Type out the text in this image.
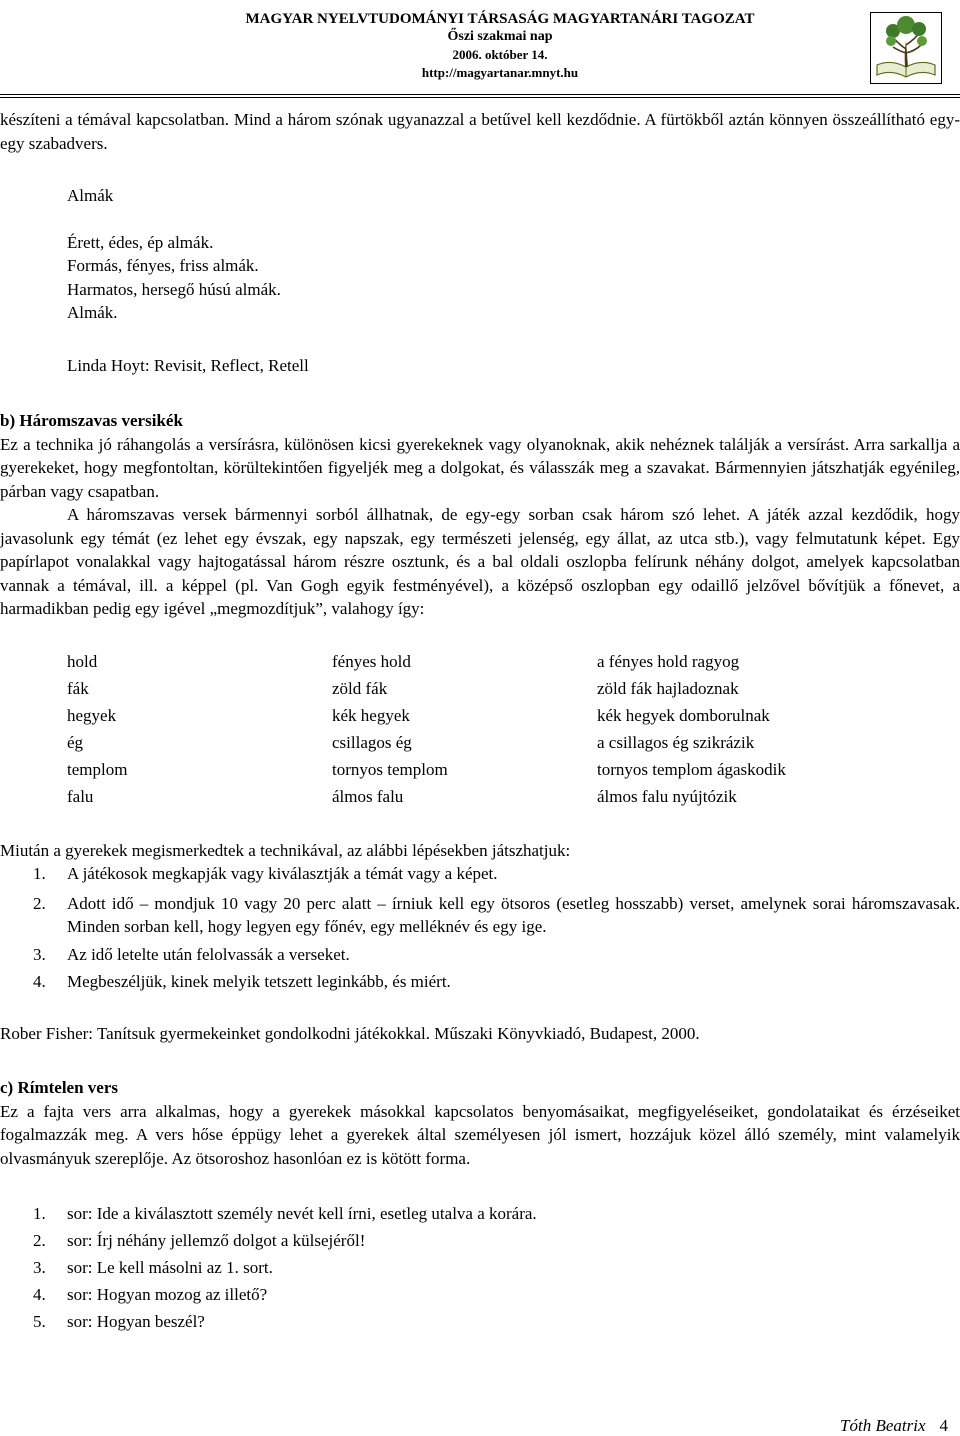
MAGYAR NYELVTUDOMÁNYI TÁRSASÁG MAGYARTANÁRI TAGOZAT
Őszi szakmai nap
2006. október 14.
http://magyartanar.mnyt.hu

készíteni a témával kapcsolatban. Mind a három szónak ugyanazzal a betűvel kell kezdődnie. A fürtökből aztán könnyen összeállítható egy-egy szabadvers.

Almák
Érett, édes, ép almák.
Formás, fényes, friss almák.
Harmatos, hersegő húsú almák.
Almák.

Linda Hoyt: Revisit, Reflect, Retell

b) Háromszavas versikék

Ez a technika jó ráhangolás a versírásra, különösen kicsi gyerekeknek vagy olyanoknak, akik nehéznek találják a versírást. Arra sarkallja a gyerekeket, hogy megfontoltan, körültekintően figyeljék meg a dolgokat, és válasszák meg a szavakat. Bármennyien játszhatják egyénileg, párban vagy csapatban.

A háromszavas versek bármennyi sorból állhatnak, de egy-egy sorban csak három szó lehet. A játék azzal kezdődik, hogy javasolunk egy témát (ez lehet egy évszak, egy napszak, egy természeti jelenség, egy állat, az utca stb.), vagy felmutatunk képet. Egy papírlapot vonalakkal vagy hajtogatással három részre osztunk, és a bal oldali oszlopba felírunk néhány dolgot, amelyek kapcsolatban vannak a témával, ill. a képpel (pl. Van Gogh egyik festményével), a középső oszlopban egy odaillő jelzővel bővítjük a főnevet, a harmadikban pedig egy igével „megmozdítjuk”, valahogy így:

hold	fényes hold	a fényes hold ragyog
fák	zöld fák	zöld fák hajladoznak
hegyek	kék hegyek	kék hegyek domborulnak
ég	csillagos ég	a csillagos ég szikrázik
templom	tornyos templom	tornyos templom ágaskodik
falu	álmos falu	álmos falu nyújtózik

Miután a gyerekek megismerkedtek a technikával, az alábbi lépésekben játszhatjuk:

1.	A játékosok megkapják vagy kiválasztják a témát vagy a képet.
2.	Adott idő – mondjuk 10 vagy 20 perc alatt – írniuk kell egy ötsoros (esetleg hosszabb) verset, amelynek sorai háromszavasak. Minden sorban kell, hogy legyen egy főnév, egy melléknév és egy ige.
3.	Az idő letelte után felolvassák a verseket.
4.	Megbeszéljük, kinek melyik tetszett leginkább, és miért.

Rober Fisher: Tanítsuk gyermekeinket gondolkodni játékokkal. Műszaki Könyvkiadó, Budapest, 2000.

c) Rímtelen vers

Ez a fajta vers arra alkalmas, hogy a gyerekek másokkal kapcsolatos benyomásaikat, megfigyeléseiket, gondolataikat és érzéseiket fogalmazzák meg. A vers hőse éppügy lehet a gyerekek által személyesen jól ismert, hozzájuk közel álló személy, mint valamelyik olvasmányuk szereplője. Az ötsoroshoz hasonlóan ez is kötött forma.

1.	sor: Ide a kiválasztott személy nevét kell írni, esetleg utalva a korára.
2.	sor: Írj néhány jellemző dolgot a külsejéről!
3.	sor: Le kell másolni az 1. sort.
4.	sor: Hogyan mozog az illető?
5.	sor: Hogyan beszél?
Tóth Beatrix 4
